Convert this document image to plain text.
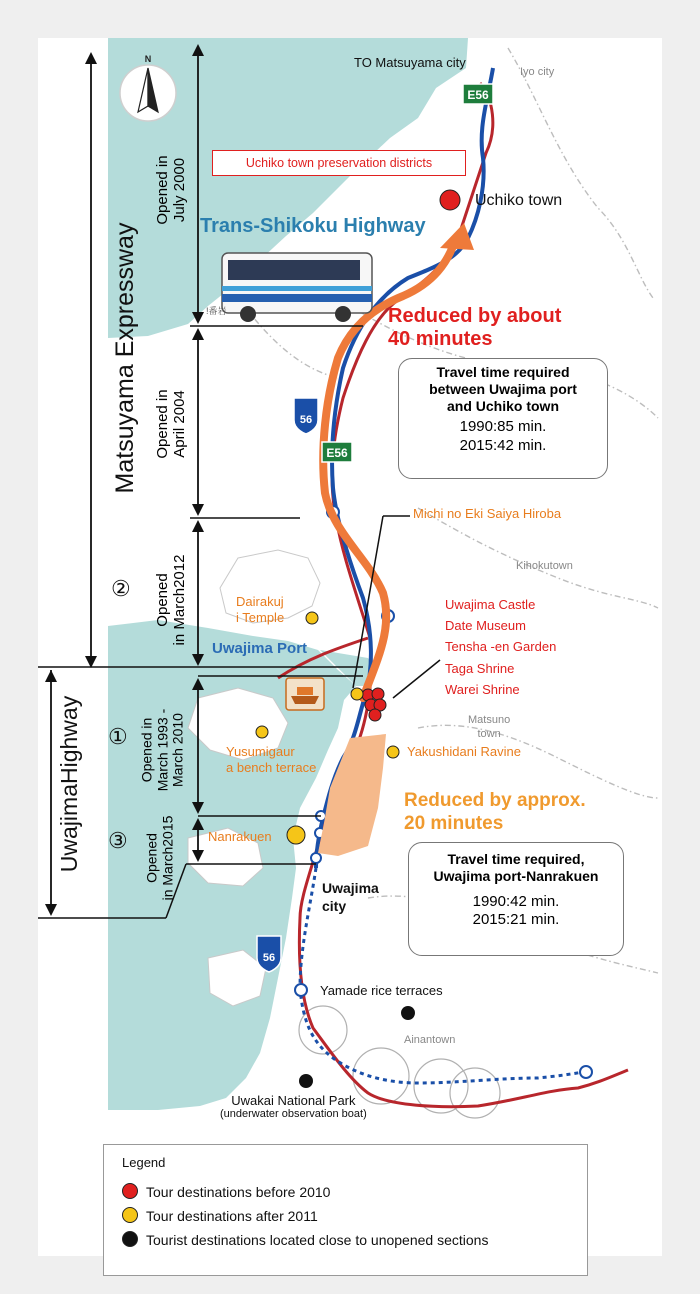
E56
E56
56
56
N
!番岩
TO Matsuyama city
Iyo city
Uchiko town preservation districts
Uchiko town
Trans-Shikoku Highway
Reduced by about
40 minutes
Travel time required
between Uwajima port
and Uchiko town
1990:85 min.
2015:42 min.
Michi no Eki Saiya Hiroba
Kihokutown
Dairakuj
i Temple
Uwajima Castle
Date Museum
Tensha -en Garden
Taga Shrine
Warei Shrine
Uwajima Port
Matsuno
town
Yusumigaur
a bench terrace
Yakushidani Ravine
Reduced by approx.
20 minutes
Nanrakuen
Travel time required,
Uwajima port-Nanrakuen
1990:42 min.
2015:21 min.
Uwajima
city
Yamade rice terraces
Ainantown
Uwakai National Park
(underwater observation boat)
Matsuyama Expressway
UwajimaHighway
Opened in July 2000
Opened in April 2004
Opened in March2012
Opened in March 1993 - March 2010
Opened in March2015
②
①
③
Legend
Tour destinations before 2010
Tour destinations after 2011
Tourist destinations located close to unopened sections
